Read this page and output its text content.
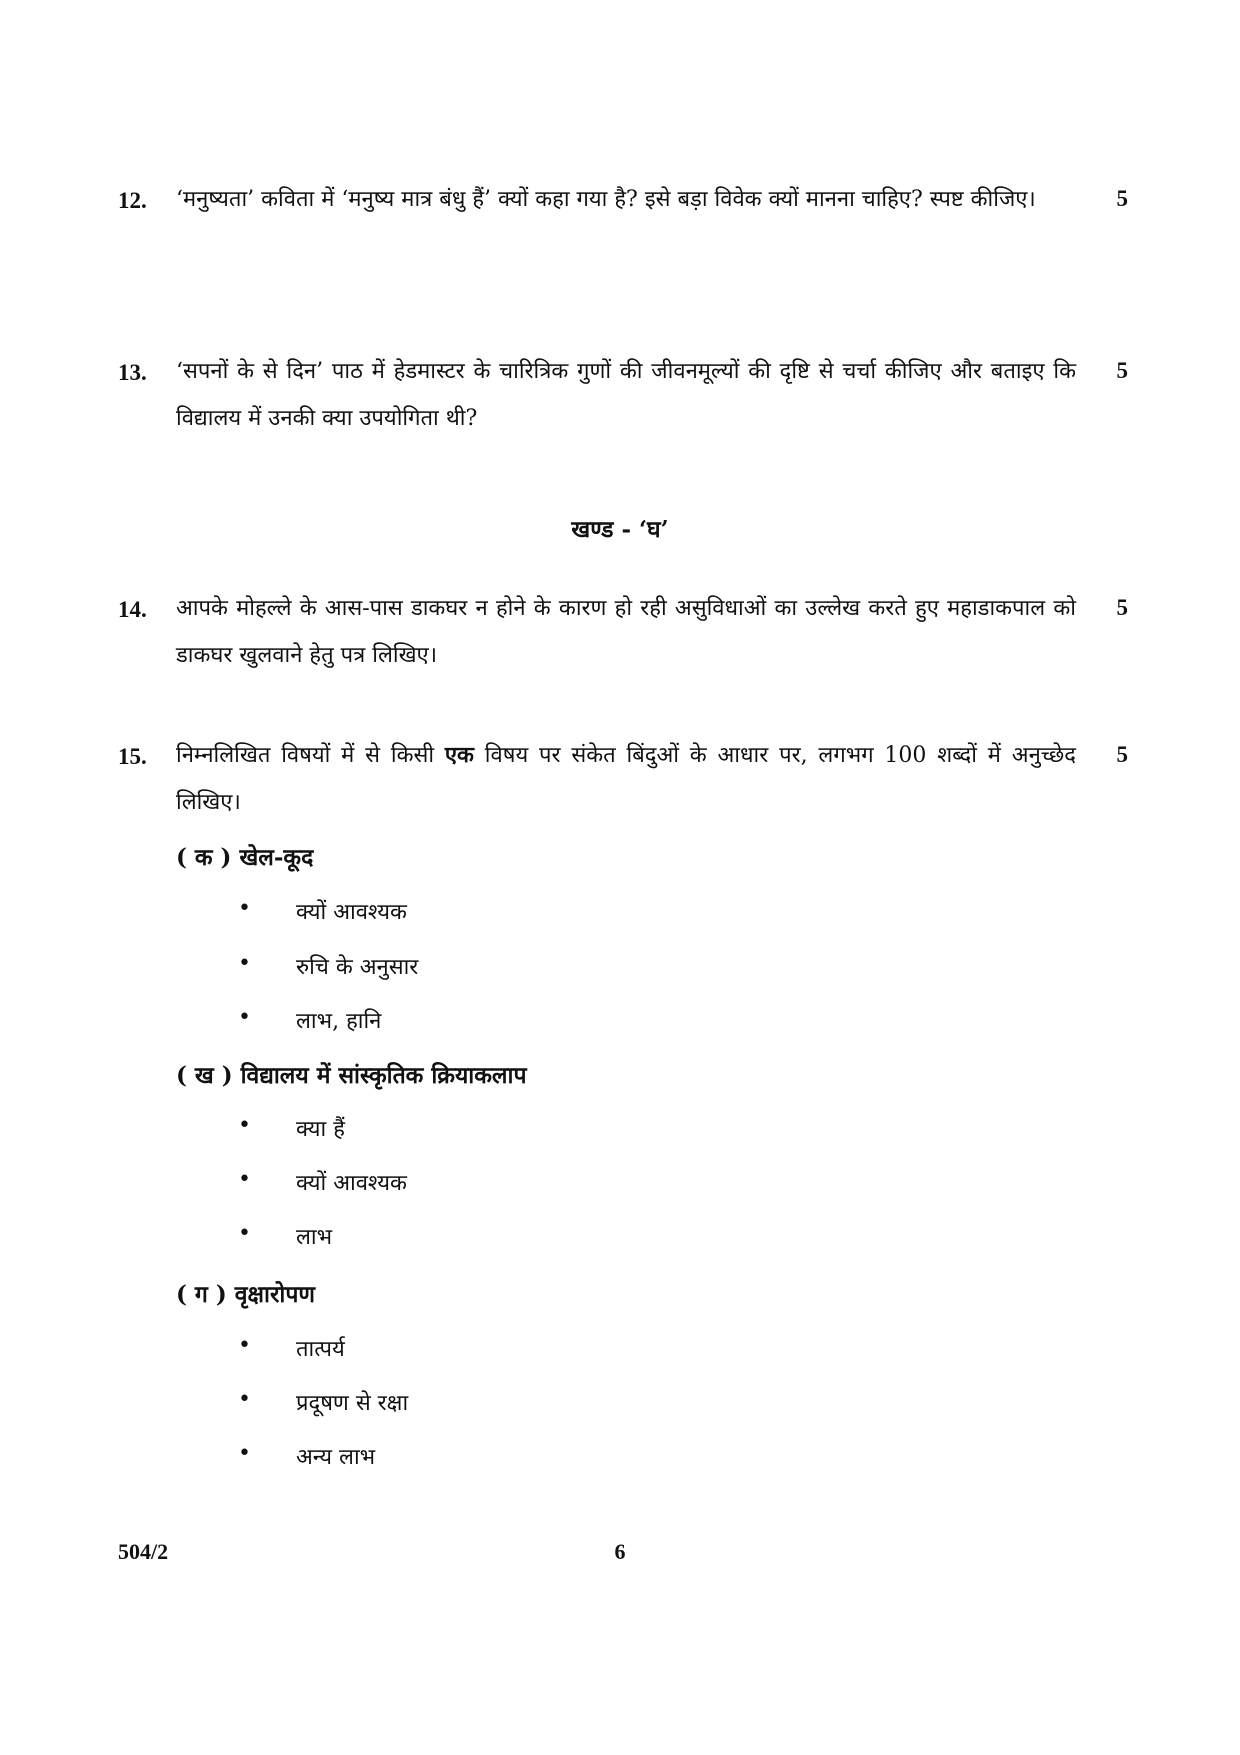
12. ‘मनुष्यता’ कविता में ‘मनुष्य मात्र बंधु हैं’ क्यों कहा गया है? इसे बड़ा विवेक क्यों मानना चाहिए? स्पष्ट कीजिए।	5
13. ‘सपनों के से दिन’ पाठ में हेडमास्टर के चारित्रिक गुणों की जीवनमूल्यों की दृष्टि से चर्चा कीजिए और बताइए कि विद्यालय में उनकी क्या उपयोगिता थी?
5
खण्ड - ‘घ’
14. आपके मोहल्ले के आस-पास डाकघर न होने के कारण हो रही असुविधाओं का उल्लेख करते हुए महाडाकपाल को डाकघर खुलवाने हेतु पत्र लिखिए।
5
15. निम्नलिखित विषयों में से किसी एक विषय पर संकेत बिंदुओं के आधार पर, लगभग 100 शब्दों में अनुच्छेद लिखिए।
5
( क ) खेल-कूद
• क्यों आवश्यक
• रुचि के अनुसार
• लाभ, हानि
( ख ) विद्यालय में सांस्कृतिक क्रियाकलाप
• क्या हैं
• क्यों आवश्यक
• लाभ
( ग ) वृक्षारोपण
• तात्पर्य
• प्रदूषण से रक्षा
• अन्य लाभ
504/2	6
